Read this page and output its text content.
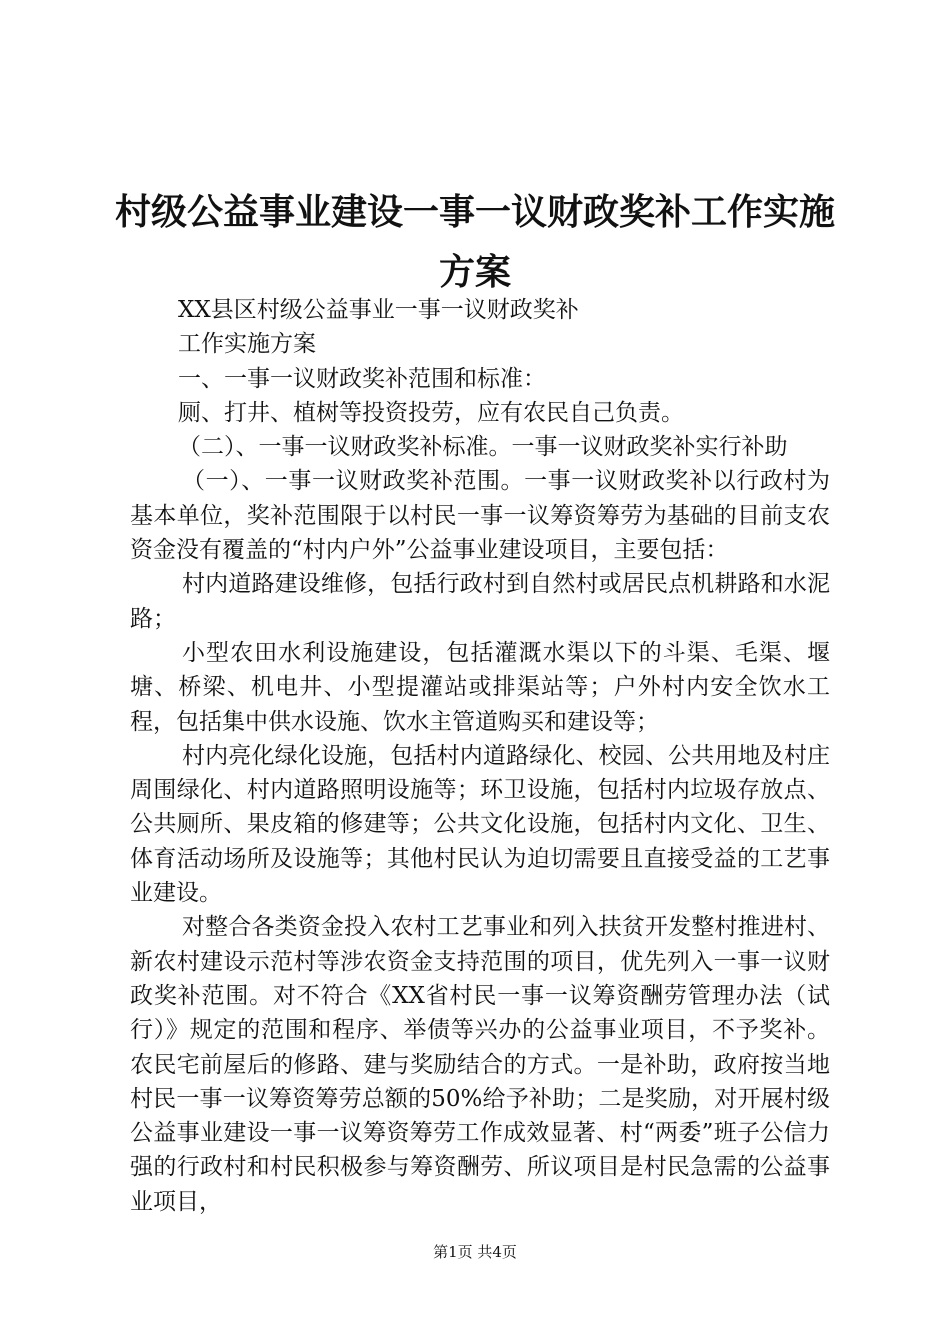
村级公益事业建设一事一议财政奖补工作实施
方案

XX县区村级公益事业一事一议财政奖补

工作实施方案

一、一事一议财政奖补范围和标准：

厕、打井、植树等投资投劳，应有农民自己负责。

（二）、一事一议财政奖补标准。一事一议财政奖补实行补助

（一）、一事一议财政奖补范围。一事一议财政奖补以行政村为基本单位，奖补范围限于以村民一事一议筹资筹劳为基础的目前支农资金没有覆盖的“村内户外”公益事业建设项目，主要包括：

村内道路建设维修，包括行政村到自然村或居民点机耕路和水泥路；

小型农田水利设施建设，包括灌溉水渠以下的斗渠、毛渠、堰塘、桥梁、机电井、小型提灌站或排渠站等；户外村内安全饮水工程，包括集中供水设施、饮水主管道购买和建设等；

村内亮化绿化设施，包括村内道路绿化、校园、公共用地及村庄周围绿化、村内道路照明设施等；环卫设施，包括村内垃圾存放点、公共厕所、果皮箱的修建等；公共文化设施，包括村内文化、卫生、体育活动场所及设施等；其他村民认为迫切需要且直接受益的工艺事业建设。

对整合各类资金投入农村工艺事业和列入扶贫开发整村推进村、新农村建设示范村等涉农资金支持范围的项目，优先列入一事一议财政奖补范围。对不符合《XX省村民一事一议筹资酬劳管理办法（试行）》规定的范围和程序、举债等兴办的公益事业项目，不予奖补。农民宅前屋后的修路、建与奖励结合的方式。一是补助，政府按当地村民一事一议筹资筹劳总额的50%给予补助；二是奖励，对开展村级公益事业建设一事一议筹资筹劳工作成效显著、村“两委”班子公信力强的行政村和村民积极参与筹资酬劳、所议项目是村民急需的公益事业项目，

第1页 共4页
